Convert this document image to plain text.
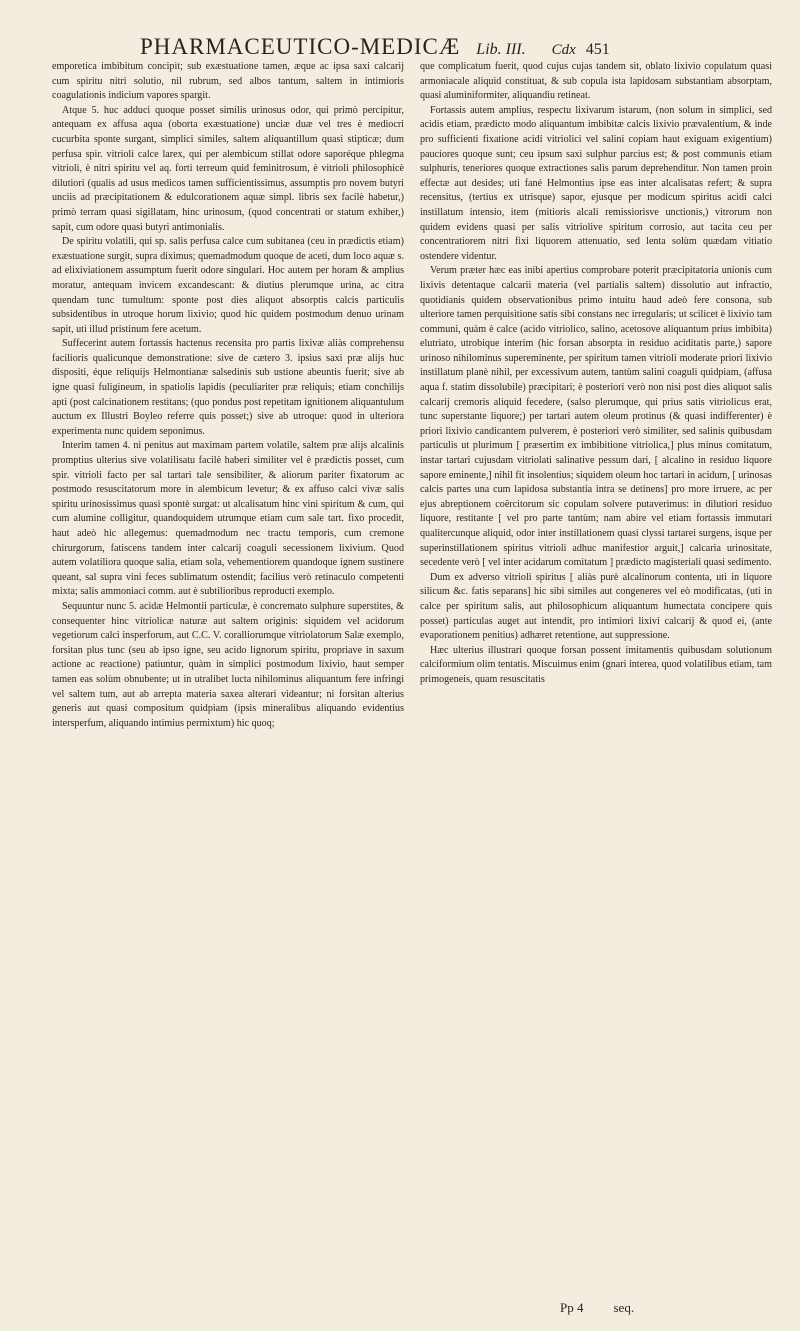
PHARMACEUTICO-MEDICÆ Lib. III. Cdx 451

emporetica imbibitum concipit; sub exæstuatione tamen, æque ac ipsa saxi calcarij cum spiritu nitri solutio, nil rubrum, sed albos tantum, saltem in intimioris coagulationis indicium vapores spargit.

Atque 5. huc adduci quoque posset similis urinosus odor, qui primò percipitur, antequam ex affusa aqua (oborta exæstuatione) unciæ duæ vel tres è mediocri cucurbita sponte surgant, simplici similes, saltem aliquantillum quasi stipticæ; dum perfusa spir. vitrioli calce larex, qui per alembicum stillat odore saporéque phlegma vitrioli, è nitri spiritu vel aq. forti terreum quid feminitrosum, è vitrioli philosophicè dilutiori (qualis ad usus medicos tamen sufficientissimus, assumptis pro novem butyri unciis ad præcipitationem & edulcorationem aquæ simpl. libris sex facilè habetur,) primò terram quasi sigillatam, hinc urinosum, (quod concentrati or statum exhiber,) sapit, cum odore quasi butyri antimonialis.

De spiritu volatili, qui sp. salis perfusa calce cum subitanea (ceu in prædictis etiam) exæstuatione surgit, supra diximus; quemadmodum quoque de aceti, dum loco aquæ s. ad elixiviationem assumptum fuerit odore singulari. Hoc autem per horam & amplius moratur, antequam invicem excandescant: & diutius plerumque urina, ac citra quendam tunc tumultum: sponte post dies aliquot absorptis calcis particulis subsidentibus in utroque horum lixivio; quod hic quidem postmodum denuo urinam sapit, uti illud pristinum fere acetum.

Suffecerint autem fortassis hactenus recensita pro partis lixivæ aliàs comprehensu facilioris qualicunque demonstratione: sive de cætero 3. ipsius saxi præ alijs huc dispositi, éque reliquijs Helmontianæ salsedinis sub ustione abeuntis fuerit; sive ab igne quasi fuligineum, in spatiolis lapidis (peculiariter præ reliquis; etiam conchilijs apti (post calcinationem restitans; (quo pondus post repetitam ignitionem aliquantulum auctum ex Illustri Boyleo referre quis posset;) sive ab utroque: quod in ulteriora experimenta nunc quidem seponimus.

Interim tamen 4. ni penitus aut maximam partem volatile, saltem præ alijs alcalinis promptius ulterius sive volatilisatu facilè haberi similiter vel è prædictis posset, cum spir. vitrioli facto per sal tartari tale sensibiliter, & aliorum pariter fixatorum ac postmodo resuscitatorum more in alembicum levetur; & ex affuso calci vivæ salis spiritu urinosissimus quasi spontè surgat: ut alcalisatum hinc vini spiritum & cum, qui cum alumine colligitur, quandoquidem utrumque etiam cum sale tart. fixo procedit, haut adeò hic allegemus: quemadmodum nec tractu temporis, cum cremone chirurgorum, fatiscens tandem inter calcarij coaguli secessionem lixivium. Quod autem volatiliora quoque salia, etiam sola, vehementiorem quandoque ignem sustinere queant, sal supra vini feces sublimatum ostendit; facilius verò retinaculo competenti mixta; salis ammoniaci comm. aut è subtilioribus reproducti exemplo.

Sequuntur nunc 5. acidæ Helmontii particulæ, è concremato sulphure superstites, & consequenter hinc vitriolicæ naturæ aut saltem originis: siquidem vel acidorum vegetiorum calci insperforum, aut C.C. V. coralliorumque vitriolatorum Salæ exemplo, forsitan plus tunc (seu ab ipso igne, seu acido lignorum spiritu, propriave in saxum actione ac reactione) patiuntur, quàm in simplici postmodum lixivio, haut semper tamen eas solùm obnubente; ut in utralibet lucta nihilominus aliquantum fere infringi vel saltem tum, aut ab arrepta materia saxea alterari videantur; ni forsitan alterius generis aut quasi compositum quidpiam (ipsis mineralibus aliquando evidentius intersperfum, aliquando intimius permixtum) hic quoq;

que complicatum fuerit, quod cujus cujas tandem sit, oblato lixivio copulatum quasi armoniacale aliquid constituat, & sub copula ista lapidosam substantiam absorptam, quasi aluminiformiter, aliquandiu retineat.

Fortassis autem amplius, respectu lixivarum istarum, (non solum in simplici, sed acidis etiam, prædicto modo aliquantum imbibitæ calcis lixivio prævalentium, & inde pro sufficienti fixatione acidi vitriolici vel salini copiam haut exiguam exigentium) pauciores quoque sunt; ceu ipsum saxi sulphur parcius est; & post communis etiam sulphuris, teneriores quoque extractiones salis parum deprehenditur. Non tamen proin effectæ aut desides; uti fané Helmontius ipse eas inter alcalisatas refert; & supra recensitus, (tertius ex utrisque) sapor, ejusque per modicum spiritus acidi calci instillatum intensio, item (mitioris alcali remissiorisve unctionis,) vitrorum non quidem evidens quasi per salis vitriolive spiritum corrosio, aut tacita ceu per concentratiorem nitri fixi liquorem attenuatio, sed lenta solùm quædam vitiatio ostendere videntur.

Verum præter hæc eas inibi apertius comprobare poterit præcipitatoria unionis cum lixivis detentaque calcarii materia (vel partialis saltem) dissolutio aut infractio, quotidianis quidem observationibus primo intuitu haud adeò fere consona, sub ulteriore tamen perquisitione satis sibi constans nec irregularis; ut scilicet è lixivio tam communi, quàm è calce (acido vitriolico, salino, acetosove aliquantum prius imbibita) elutriato, utrobique interim (hic forsan absorpta in residuo aciditatis parte,) sapore urinoso nihilominus supereminente, per spiritum tamen vitrioli moderate priori lixivio instillatum planè nihil, per excessivum autem, tantùm salini coaguli quidpiam, (affusa aqua f. statim dissolubile) præcipitari; è posteriori verò non nisi post dies aliquot salis calcarij cremoris aliquid fecedere, (salso plerumque, qui prius satis vitriolicus erat, tunc superstante liquore;) per tartari autem oleum protinus (& quasi indifferenter) è priori lixivio candicantem pulverem, è posteriori verò similiter, sed salinis quibusdam particulis ut plurimum [ præsertim ex imbibitione vitriolica,] plus minus comitatum, instar tartari cujusdam vitriolati salinative pessum dari, [ alcalino in residuo liquore sapore eminente,] nihil fit insolentius; siquidem oleum hoc tartari in acidum, [ urinosas calcis partes una cum lapidosa substantia intra se detinens] pro more irruere, ac per ejus abreptionem coërcitorum sic copulam solvere putaverimus: in dilutiori residuo liquore, restitante [ vel pro parte tantùm; nam abire vel etiam fortassis immutari qualitercunque aliquid, odor inter instillationem quasi clyssi tartarei surgens, isque per superinstillationem spiritus vitrioli adhuc manifestior arguit,] calcaria urinositate, secedente verò [ vel inter acidarum comitatum ] prædicto magisteriali quasi sedimento.

Dum ex adverso vitrioli spiritus [ aliàs purè alcalinorum contenta, uti in liquore silicum &c. fatis separans] hic sibi similes aut congeneres vel eò modificatas, (uti in calce per spiritum salis, aut philosophicum aliquantum humectata concipere quis posset) particulas auget aut intendit, pro intimiori lixivi calcarij & quod ei, (ante evaporationem penitius) adhæret retentione, aut suppressione.

Hæc ulterius illustrari quoque forsan possent imitamentis quibusdam solutionum calciformium olim tentatis. Miscuimus enim (gnari interea, quod volatilibus etiam, tam primogeneis, quam resuscitatis

Pp 4 seq.
